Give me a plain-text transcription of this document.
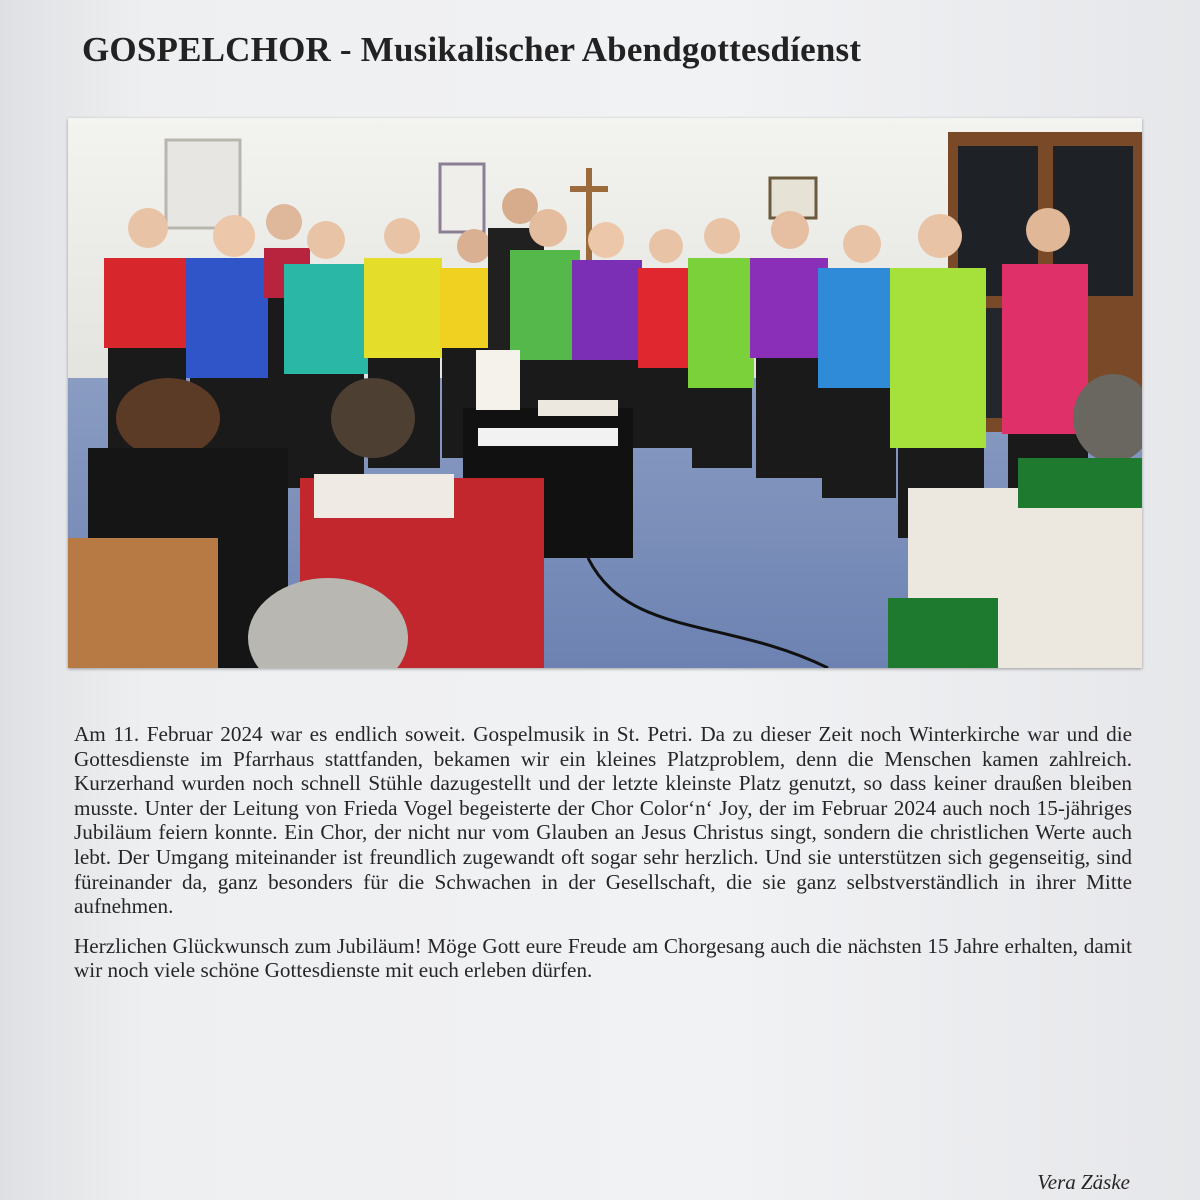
GOSPELCHOR - Musikalischer Abendgottesdíenst

Am 11. Februar 2024 war es endlich soweit. Gospelmusik in St. Petri. Da zu dieser Zeit noch Winterkirche war und die Gottesdienste im Pfarrhaus stattfanden, bekamen wir ein kleines Platzproblem, denn die Menschen kamen zahlreich. Kurzerhand wurden noch schnell Stühle dazugestellt und der letzte kleinste Platz genutzt, so dass keiner draußen bleiben musste. Unter der Leitung von Frieda Vogel begeisterte der Chor Color‘n‘ Joy, der im Februar 2024 auch noch 15-jähriges Jubiläum feiern konnte. Ein Chor, der nicht nur vom Glauben an Jesus Christus singt, sondern die christlichen Werte auch lebt. Der Umgang miteinander ist freundlich zugewandt oft sogar sehr herzlich. Und sie unterstützen sich gegenseitig, sind füreinander da, ganz besonders für die Schwachen in der Gesellschaft, die sie ganz selbstverständlich in ihrer Mitte aufnehmen.

Herzlichen Glückwunsch zum Jubiläum! Möge Gott eure Freude am Chorgesang auch die nächsten 15 Jahre erhalten, damit wir noch viele schöne Gottesdienste mit euch erleben dürfen.

Vera Zäske
